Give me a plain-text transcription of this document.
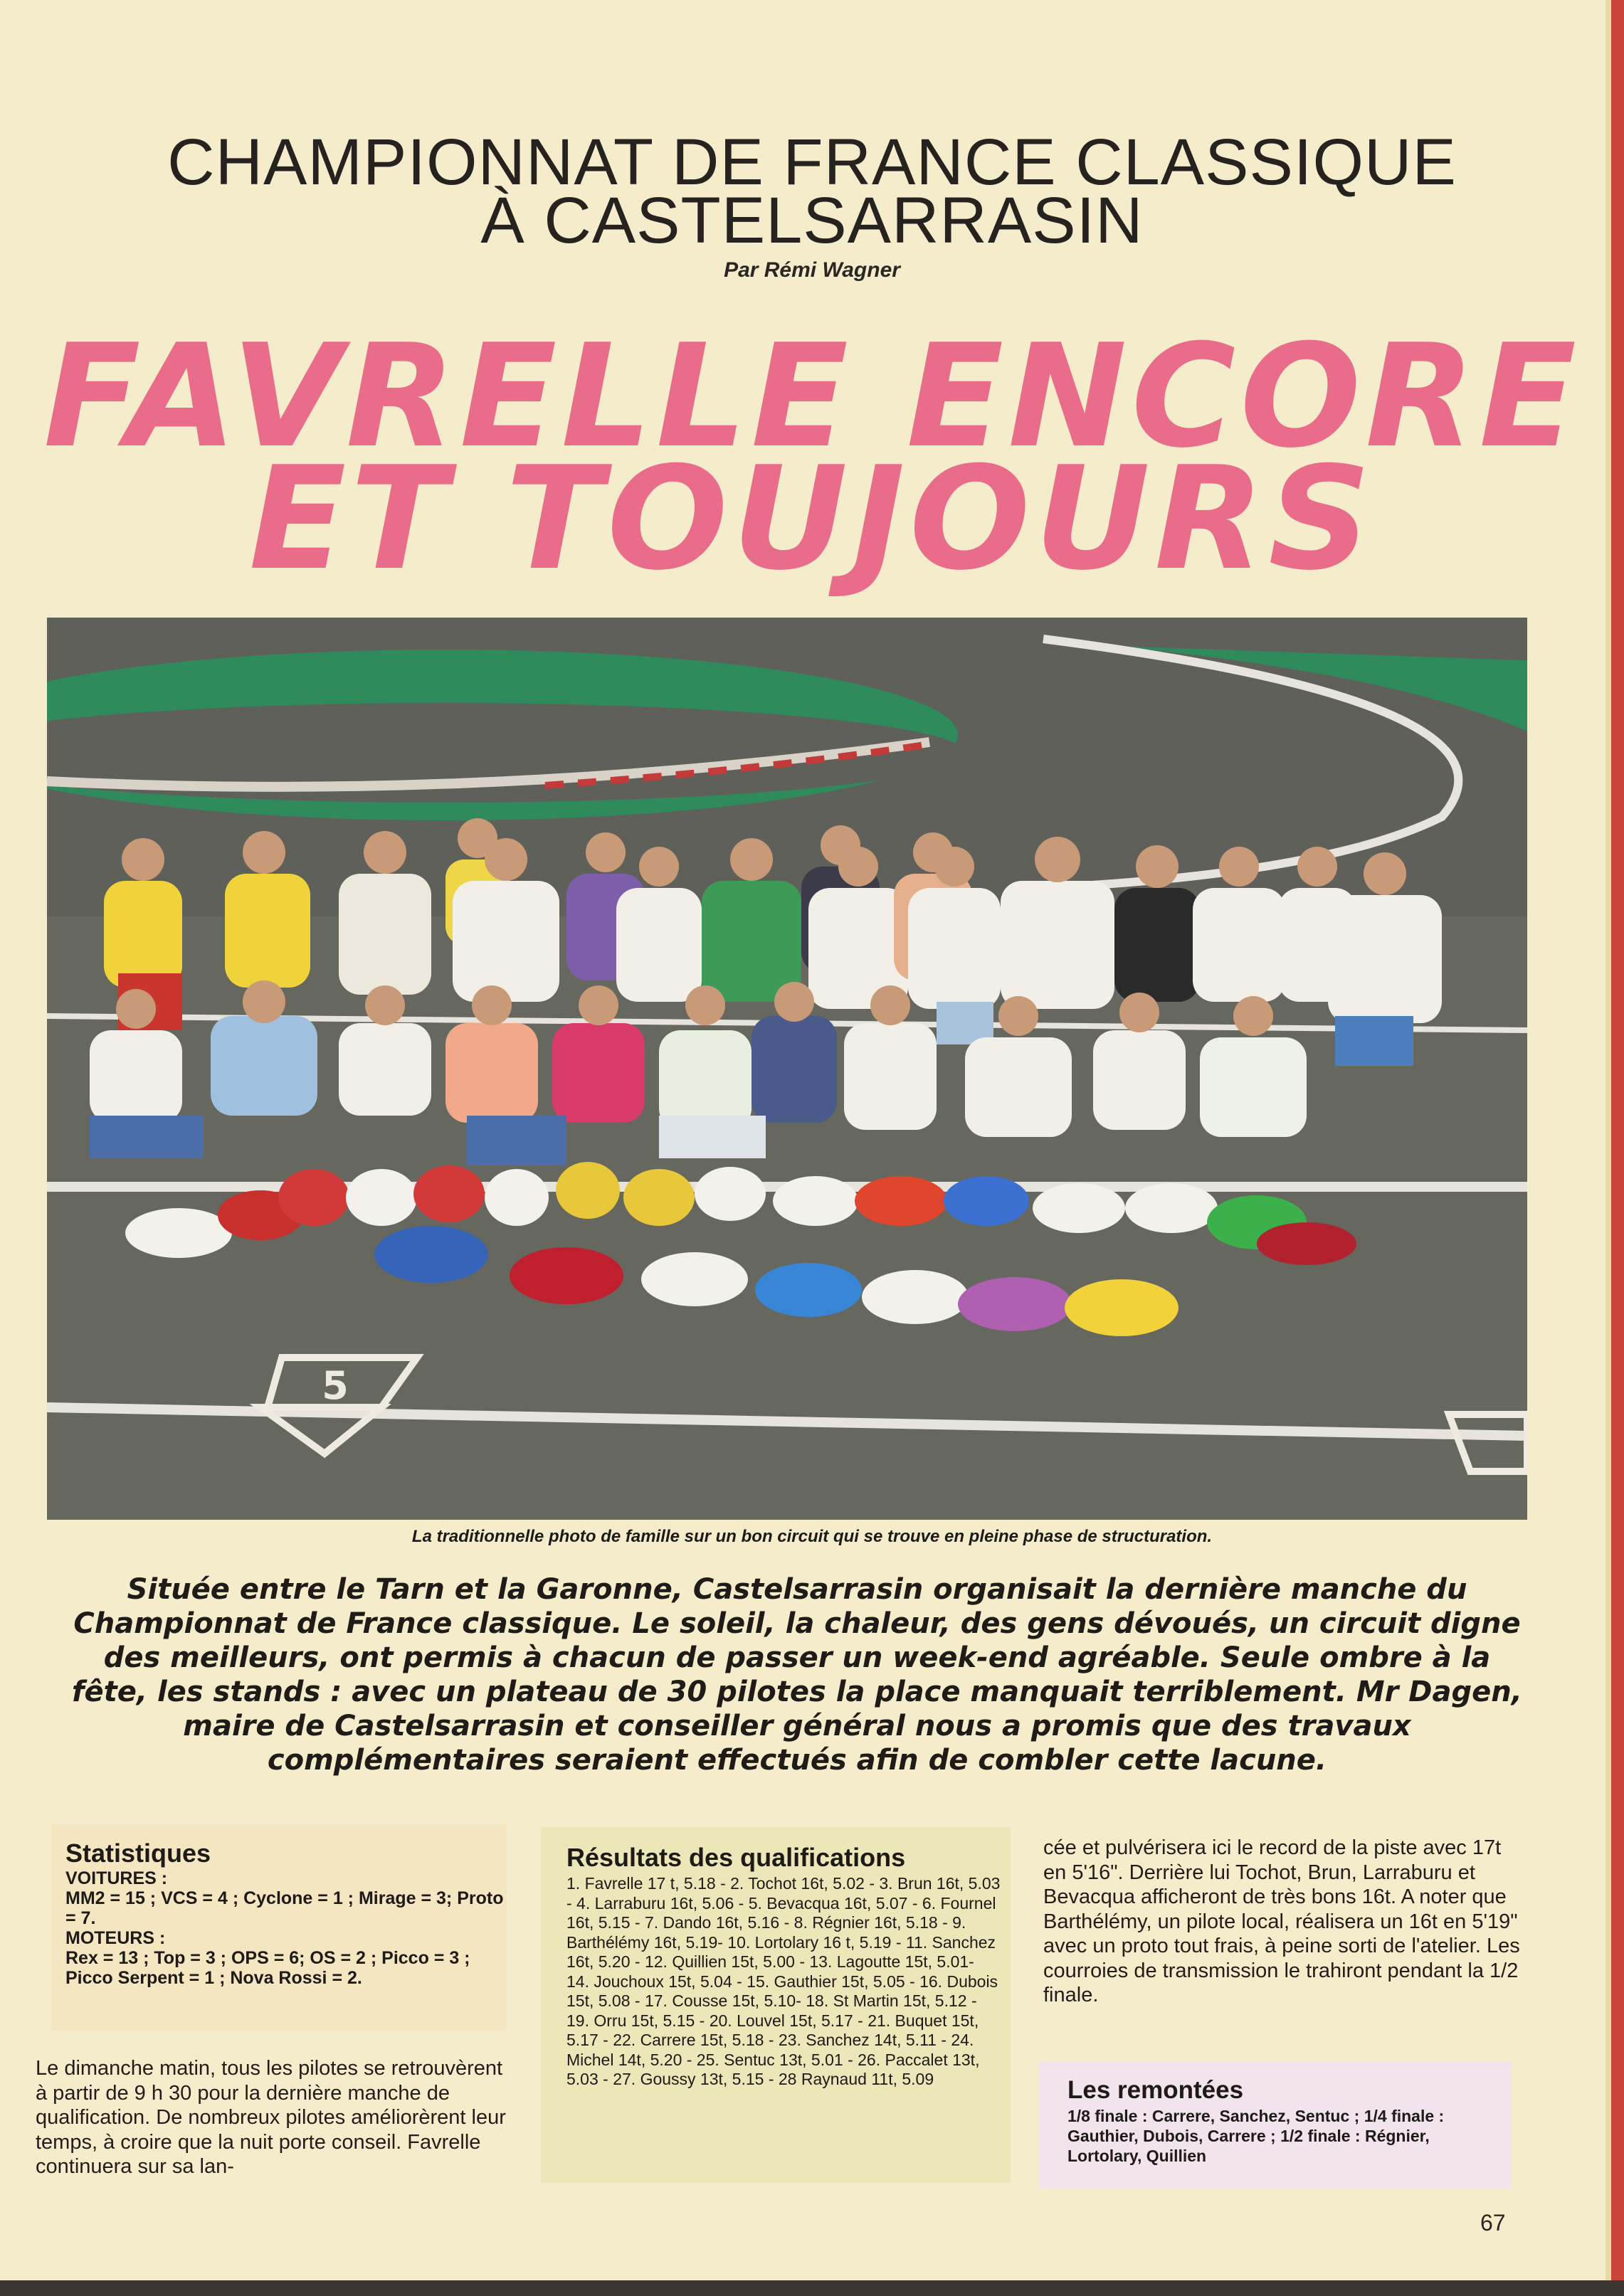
CHAMPIONNAT DE FRANCE CLASSIQUE
À CASTELSARRASIN
Par Rémi Wagner
FAVRELLE ENCORE
ET TOUJOURS
5
La traditionnelle photo de famille sur un bon circuit qui se trouve en pleine phase de structuration.
Située entre le Tarn et la Garonne, Castelsarrasin organisait la dernière manche du Championnat de France classique. Le soleil, la chaleur, des gens dévoués, un circuit digne des meilleurs, ont permis à chacun de passer un week-end agréable. Seule ombre à la fête, les stands : avec un plateau de 30 pilotes la place manquait terriblement. Mr Dagen, maire de Castelsarrasin et conseiller général nous a promis que des travaux complémentaires seraient effectués afin de combler cette lacune.
Statistiques

VOITURES :

MM2 = 15 ; VCS = 4 ; Cyclone = 1 ; Mirage = 3; Proto = 7.

MOTEURS :

Rex = 13 ; Top = 3 ; OPS = 6; OS = 2 ; Picco = 3 ; Picco Serpent = 1 ; Nova Rossi = 2.

Résultats des qualifications

1. Favrelle 17 t, 5.18 - 2. Tochot 16t, 5.02 - 3. Brun 16t, 5.03 - 4. Larraburu 16t, 5.06 - 5. Bevacqua 16t, 5.07 - 6. Fournel 16t, 5.15 - 7. Dando 16t, 5.16 - 8. Régnier 16t, 5.18 - 9. Barthélémy 16t, 5.19- 10. Lortolary 16 t, 5.19 - 11. Sanchez 16t, 5.20 - 12. Quillien 15t, 5.00 - 13. Lagoutte 15t, 5.01- 14. Jouchoux 15t, 5.04 - 15. Gauthier 15t, 5.05 - 16. Dubois 15t, 5.08 - 17. Cousse 15t, 5.10- 18. St Martin 15t, 5.12 - 19. Orru 15t, 5.15 - 20. Louvel 15t, 5.17 - 21. Buquet 15t, 5.17 - 22. Carrere 15t, 5.18 - 23. Sanchez 14t, 5.11 - 24. Michel 14t, 5.20 - 25. Sentuc 13t, 5.01 - 26. Paccalet 13t, 5.03 - 27. Goussy 13t, 5.15 - 28 Raynaud 11t, 5.09

Le dimanche matin, tous les pilotes se retrouvèrent à partir de 9 h 30 pour la dernière manche de qualification. De nombreux pilotes améliorèrent leur temps, à croire que la nuit porte conseil. Favrelle continuera sur sa lan-
cée et pulvérisera ici le record de la piste avec 17t en 5'16". Derrière lui Tochot, Brun, Larraburu et Bevacqua afficheront de très bons 16t. A noter que Barthélémy, un pilote local, réalisera un 16t en 5'19" avec un proto tout frais, à peine sorti de l'atelier. Les courroies de transmission le trahiront pendant la 1/2 finale.
Les remontées

1/8 finale : Carrere, Sanchez, Sentuc ; 1/4 finale : Gauthier, Dubois, Carrere ; 1/2 finale : Régnier, Lortolary, Quillien

67
